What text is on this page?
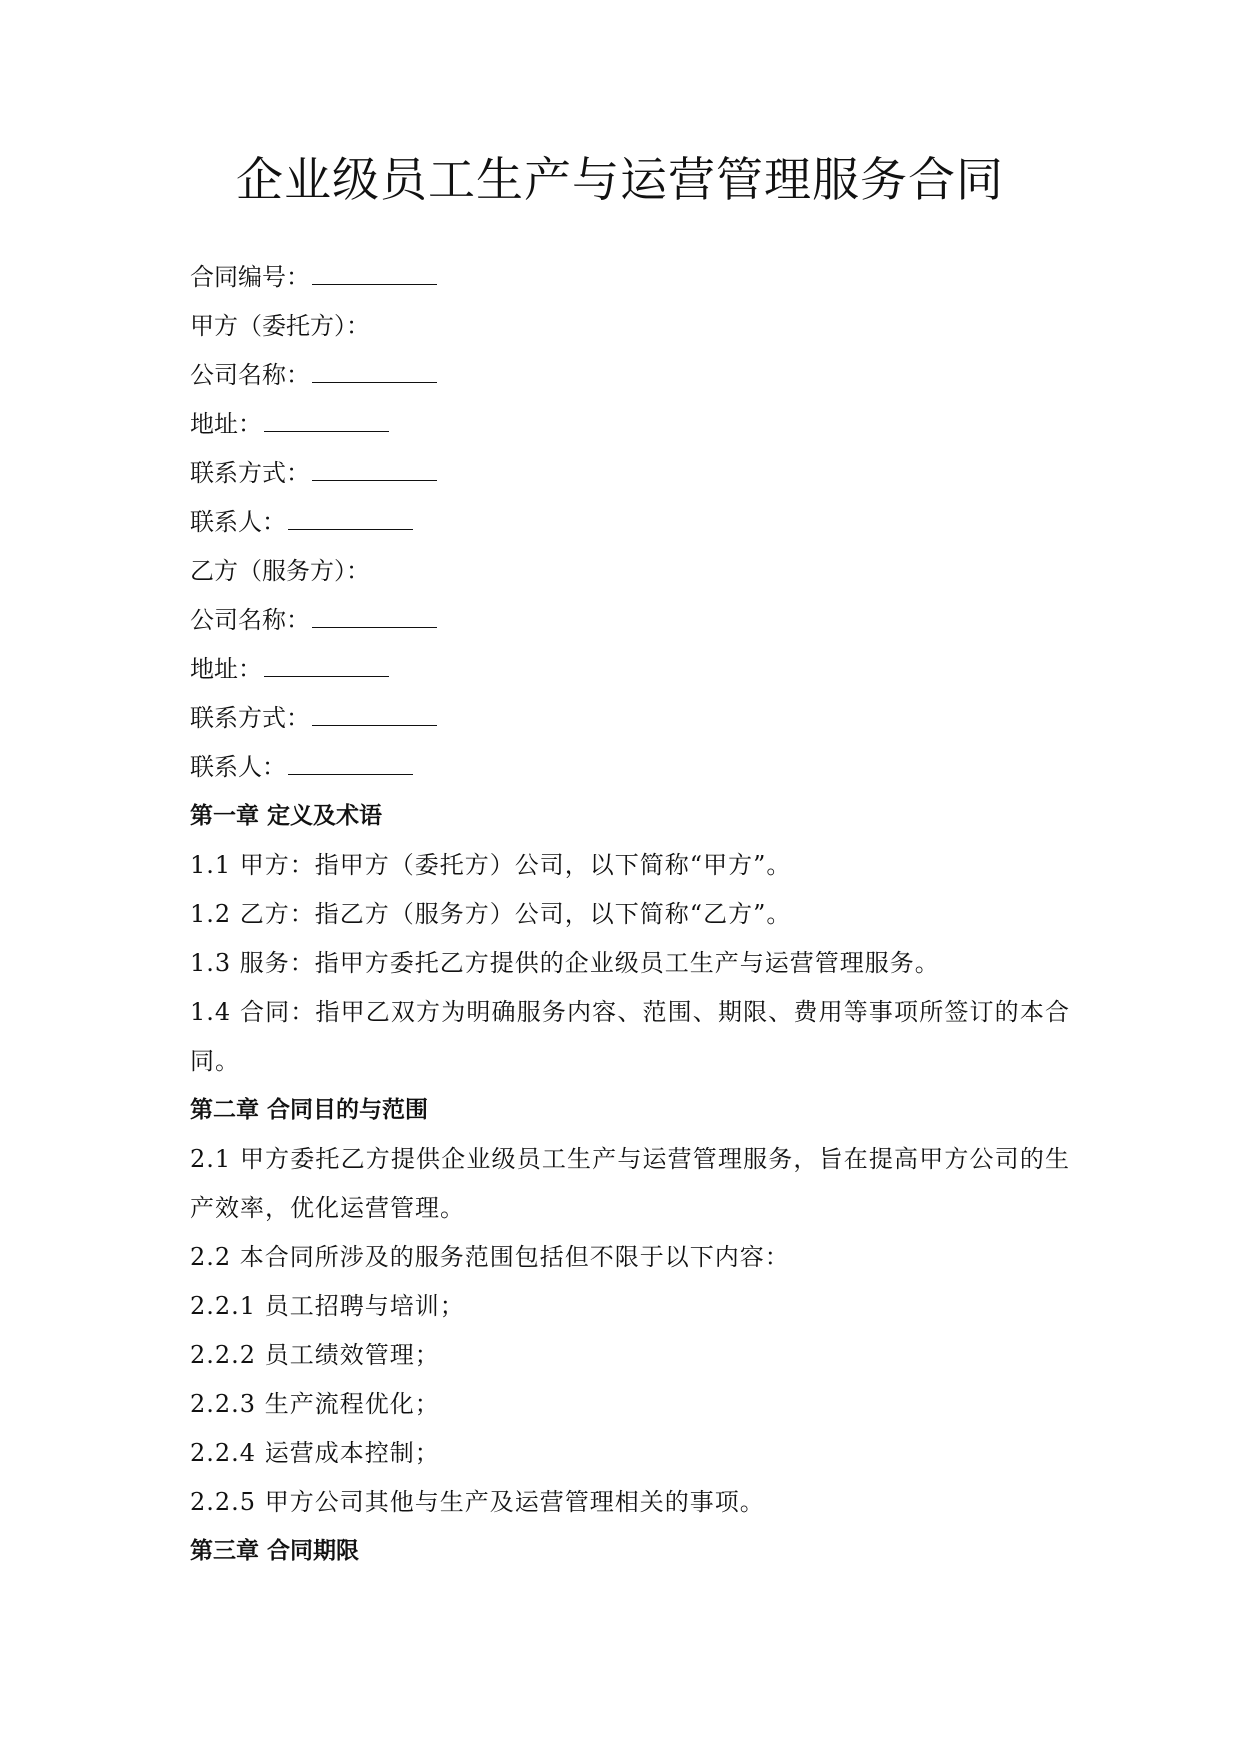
企业级员工生产与运营管理服务合同

合同编号：

甲方（委托方）：

公司名称：

地址：

联系方式：

联系人：

乙方（服务方）：

公司名称：

地址：

联系方式：

联系人：

第一章 定义及术语

1.1 甲方：指甲方（委托方）公司，以下简称“甲方”。

1.2 乙方：指乙方（服务方）公司，以下简称“乙方”。

1.3 服务：指甲方委托乙方提供的企业级员工生产与运营管理服务。

1.4 合同：指甲乙双方为明确服务内容、范围、期限、费用等事项所签订的本合同。

第二章 合同目的与范围

2.1 甲方委托乙方提供企业级员工生产与运营管理服务，旨在提高甲方公司的生产效率，优化运营管理。

2.2 本合同所涉及的服务范围包括但不限于以下内容：

2.2.1 员工招聘与培训；

2.2.2 员工绩效管理；

2.2.3 生产流程优化；

2.2.4 运营成本控制；

2.2.5 甲方公司其他与生产及运营管理相关的事项。

第三章 合同期限
